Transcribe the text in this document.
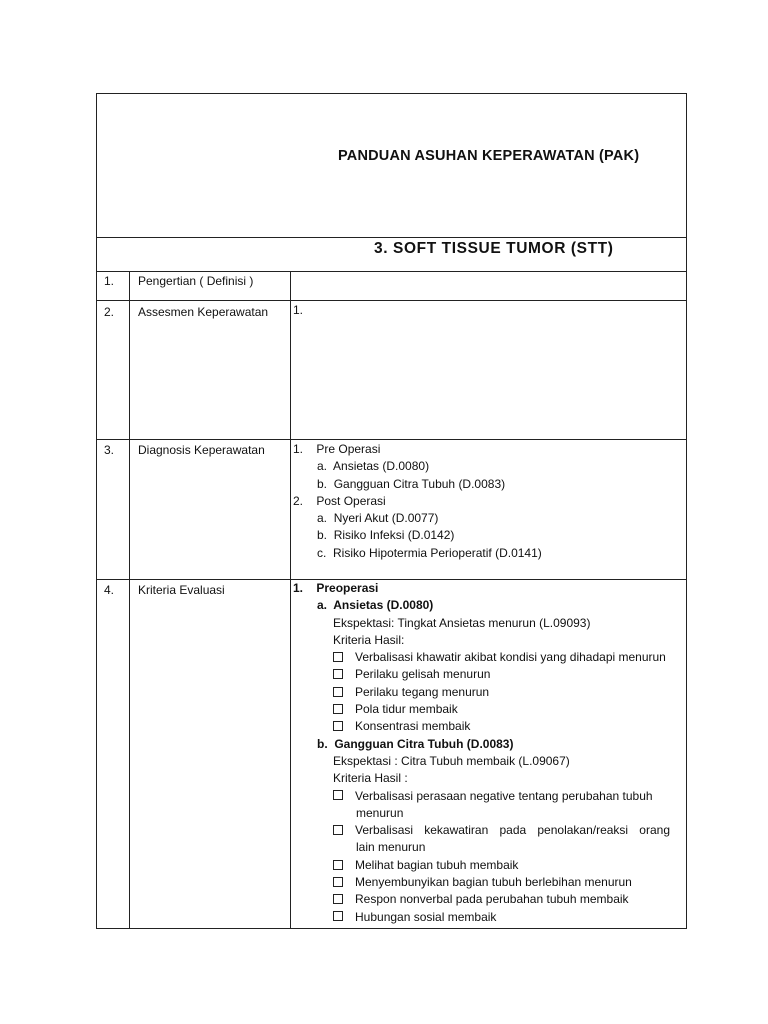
PANDUAN ASUHAN KEPERAWATAN (PAK)
3. SOFT TISSUE TUMOR (STT)
1. Pengertian ( Definisi )
2. Assesmen Keperawatan 1.
3. Diagnosis Keperawatan 1. Pre Operasi
a. Ansietas (D.0080)
b. Gangguan Citra Tubuh (D.0083)
2. Post Operasi
a. Nyeri Akut (D.0077)
b. Risiko Infeksi (D.0142)
c. Risiko Hipotermia Perioperatif (D.0141)
4. Kriteria Evaluasi	1. Preoperasi
a. Ansietas (D.0080)
Ekspektasi: Tingkat Ansietas menurun (L.09093)
Kriteria Hasil:
Verbalisasi khawatir akibat kondisi yang dihadapi menurun
Perilaku gelisah menurun
Perilaku tegang menurun
Pola tidur membaik
Konsentrasi membaik
b. Gangguan Citra Tubuh (D.0083)
Ekspektasi : Citra Tubuh membaik (L.09067)
Kriteria Hasil :
Verbalisasi perasaan negative tentang perubahan tubuh
menurun
Verbalisasi kekawatiran pada penolakan/reaksi orang
lain menurun
Melihat bagian tubuh membaik
Menyembunyikan bagian tubuh berlebihan menurun
Respon nonverbal pada perubahan tubuh membaik
Hubungan sosial membaik
